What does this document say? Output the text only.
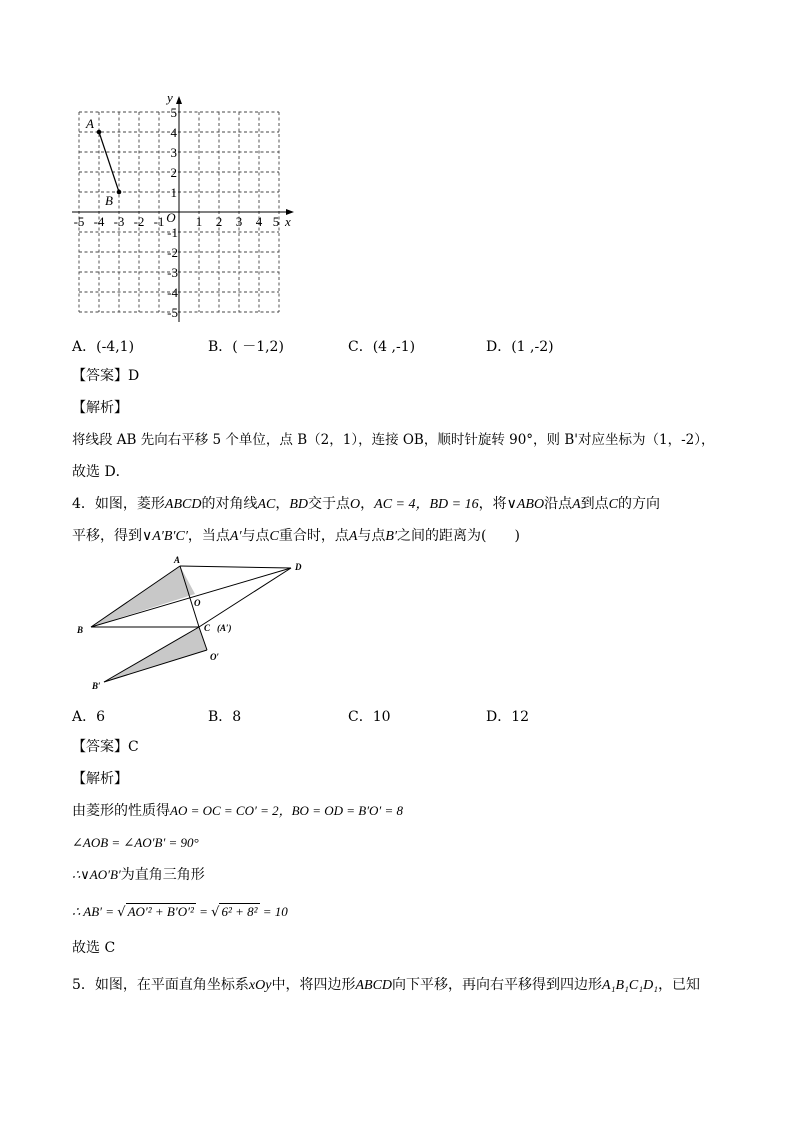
x
y
-5 -4 -3 -2 -1 O 1 2 3 4 5
5
4
3
2
1
-1
-2
-3
-4
-5
A
B
A．(-4,1)	B．( －1,2)	C．(4 ,-1)	D．(1 ,-2)
【答案】D
【解析】
将线段 AB 先向右平移 5 个单位，点 B（2，1），连接 OB，顺时针旋转 90°，则 B'对应坐标为（1，-2），
故选 D．
4．如图，菱形ABCD的对角线AC，BD交于点O，AC = 4，BD = 16，将∨ABO沿点A到点C的方向
平移，得到∨A′B′C′，当点A′与点C重合时，点A与点B′之间的距离为(　　)
A
D
O
B	C (A′)
O′
B′
A．6	B．8	C．10	D．12
【答案】C
【解析】
由菱形的性质得AO = OC = CO′ = 2，BO = OD = B′O′ = 8
∠AOB = ∠AO′B′ = 90°
∴∨AO′B′为直角三角形
∴ AB′ = √ AO′² + B′O′² = √ 6² + 8² = 10
故选 C
5．如图，在平面直角坐标系xOy中，将四边形ABCD向下平移，再向右平移得到四边形A₁B₁C₁D₁，已知
